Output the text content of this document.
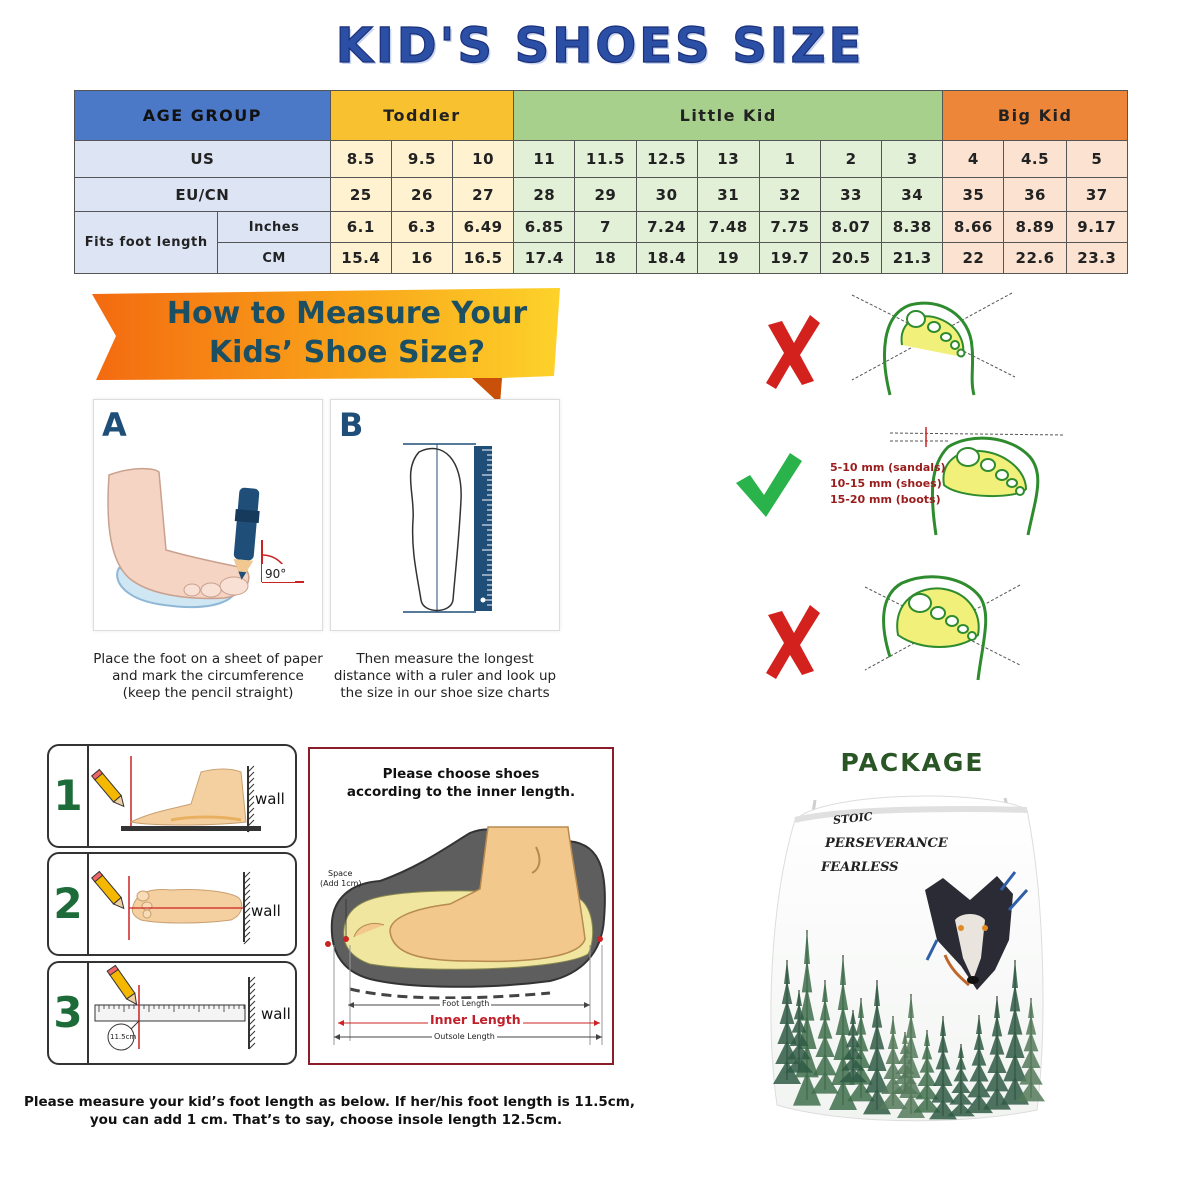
KID'S SHOES SIZE
AGE GROUP		Toddler			Little Kid							Big Kid		
US		8.5	9.5	10	11	11.5	12.5	13	1	2	3	4	4.5	5
EU/CN		25	26	27	28	29	30	31	32	33	34	35	36	37
Fits foot length	Inches	6.1	6.3	6.49	6.85	7	7.24	7.48	7.75	8.07	8.38	8.66	8.89	9.17
	CM	15.4	16	16.5	17.4	18	18.4	19	19.7	20.5	21.3	22	22.6	23.3
How to Measure Your
Kids’ Shoe Size?
90°
A	B
Place the foot on a sheet of paper
and mark the circumference
(keep the pencil straight)
Then measure the longest
distance with a ruler and look up
the size in our shoe size charts
5-10 mm (sandals)
10-15 mm (shoes)
15-20 mm (boots)
1	wall
2	wall
3	11.5cm
wall
Please choose shoes
according to the inner length.
Space
(Add 1cm)
Foot Length
Inner Length
Outsole Length
Please measure your kid’s foot length as below. If her/his foot length is 11.5cm,
you can add 1 cm. That’s to say, choose insole length 12.5cm.
PACKAGE
STOIC
PERSEVERANCE
FEARLESS
